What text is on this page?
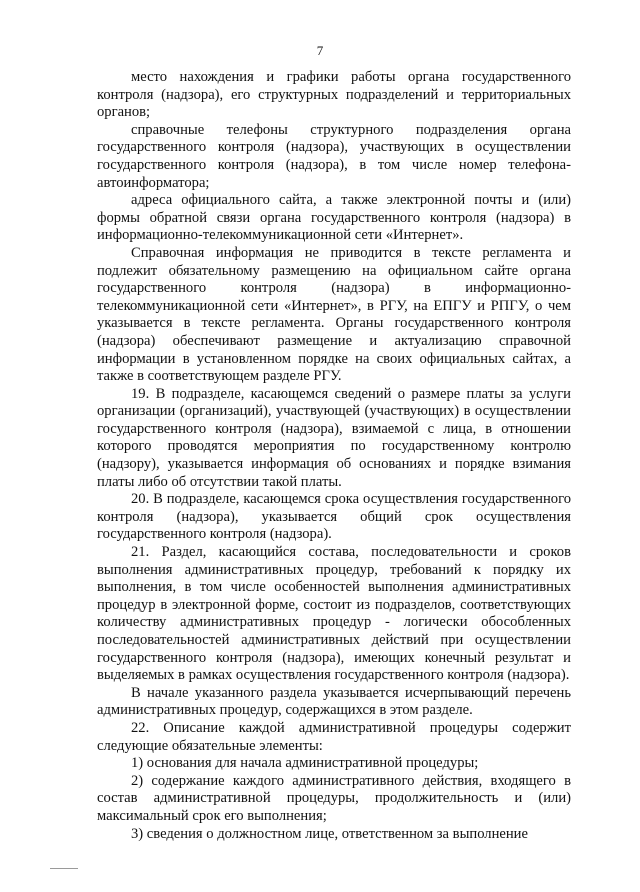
7

место нахождения и графики работы органа государственного контроля (надзора), его структурных подразделений и территориальных органов;

справочные телефоны структурного подразделения органа государственного контроля (надзора), участвующих в осуществлении государственного контроля (надзора), в том числе номер телефона-автоинформатора;

адреса официального сайта, а также электронной почты и (или) формы обратной связи органа государственного контроля (надзора) в информационно-телекоммуникационной сети «Интернет».

Справочная информация не приводится в тексте регламента и подлежит обязательному размещению на официальном сайте органа государственного контроля (надзора) в информационно-телекоммуникационной сети «Интернет», в РГУ, на ЕПГУ и РПГУ, о чем указывается в тексте регламента. Органы государственного контроля (надзора) обеспечивают размещение и актуализацию справочной информации в установленном порядке на своих официальных сайтах, а также в соответствующем разделе РГУ.

19. В подразделе, касающемся сведений о размере платы за услуги организации (организаций), участвующей (участвующих) в осуществлении государственного контроля (надзора), взимаемой с лица, в отношении которого проводятся мероприятия по государственному контролю (надзору), указывается информация об основаниях и порядке взимания платы либо об отсутствии такой платы.

20. В подразделе, касающемся срока осуществления государственного контроля (надзора), указывается общий срок осуществления государственного контроля (надзора).

21. Раздел, касающийся состава, последовательности и сроков выполнения административных процедур, требований к порядку их выполнения, в том числе особенностей выполнения административных процедур в электронной форме, состоит из подразделов, соответствующих количеству административных процедур - логически обособленных последовательностей административных действий при осуществлении государственного контроля (надзора), имеющих конечный результат и выделяемых в рамках осуществления государственного контроля (надзора).

В начале указанного раздела указывается исчерпывающий перечень административных процедур, содержащихся в этом разделе.

22. Описание каждой административной процедуры содержит следующие обязательные элементы:

1) основания для начала административной процедуры;

2) содержание каждого административного действия, входящего в состав административной процедуры, продолжительность и (или) максимальный срок его выполнения;

3) сведения о должностном лице, ответственном за выполнение
